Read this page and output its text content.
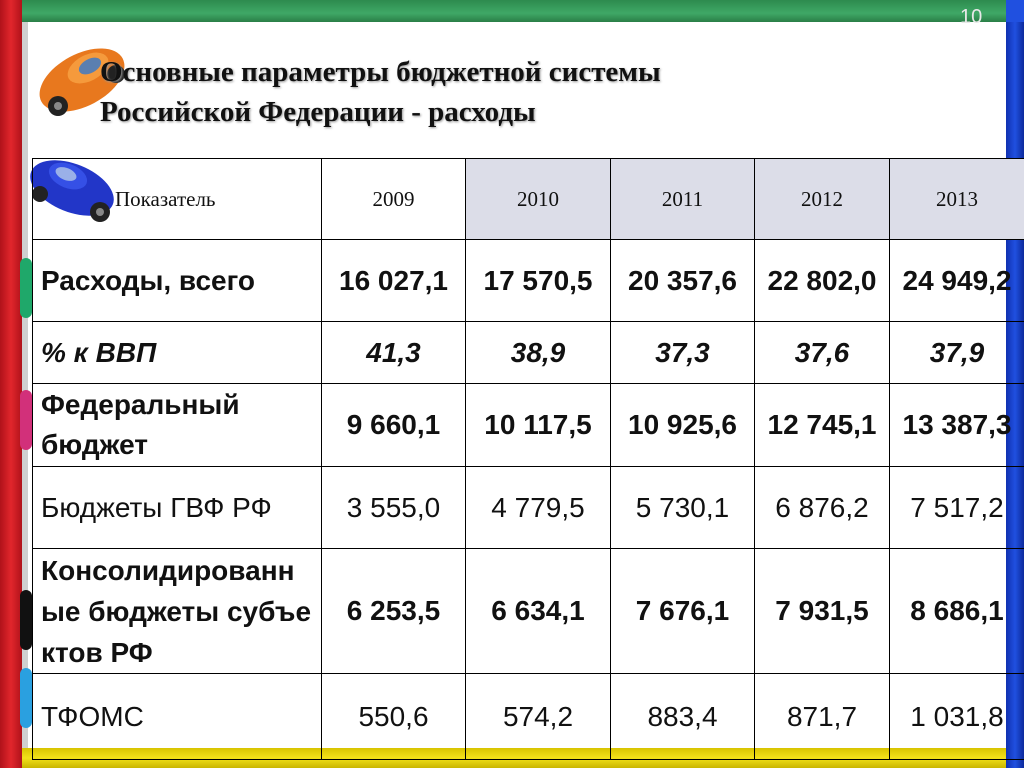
10
Основные параметры бюджетной системы
Российской Федерации - расходы
Показатель	2009	2010	2011	2012	2013
Расходы, всего	16 027,1	17 570,5	20 357,6	22 802,0	24 949,2
% к ВВП	41,3	38,9	37,3	37,6	37,9
Федеральный бюджет	9 660,1	10 117,5	10 925,6	12 745,1	13 387,3
Бюджеты ГВФ РФ	3 555,0	4 779,5	5 730,1	6 876,2	7 517,2
Консолидированные бюджеты субъектов РФ	6 253,5	6 634,1	7 676,1	7 931,5	8 686,1
ТФОМС	550,6	574,2	883,4	871,7	1 031,8
